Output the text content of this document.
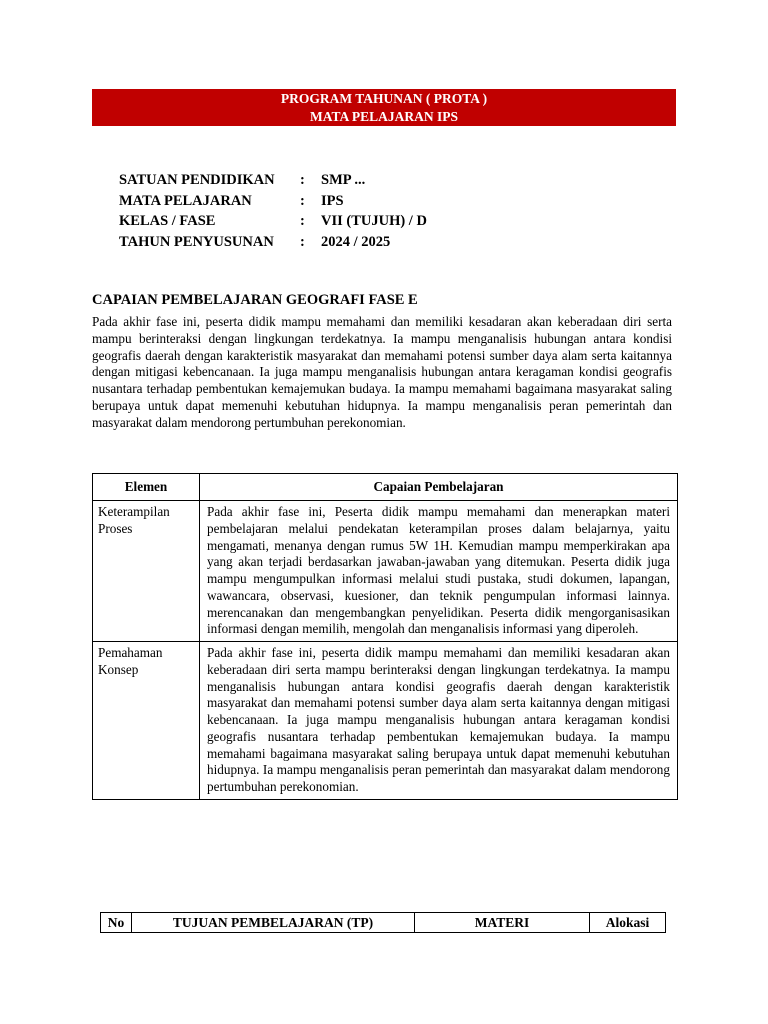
PROGRAM TAHUNAN ( PROTA )
MATA PELAJARAN IPS
SATUAN PENDIDIKAN	:	SMP ...
MATA PELAJARAN	:	IPS
KELAS / FASE	:	VII (TUJUH) / D
TAHUN PENYUSUNAN	:	2024 / 2025
CAPAIAN PEMBELAJARAN GEOGRAFI FASE E
Pada akhir fase ini, peserta didik mampu memahami dan memiliki kesadaran akan keberadaan diri serta mampu berinteraksi dengan lingkungan terdekatnya. Ia mampu menganalisis hubungan antara kondisi geografis daerah dengan karakteristik masyarakat dan memahami potensi sumber daya alam serta kaitannya dengan mitigasi kebencanaan. Ia juga mampu menganalisis hubungan antara keragaman kondisi geografis nusantara terhadap pembentukan kemajemukan budaya. Ia mampu memahami bagaimana masyarakat saling berupaya untuk dapat memenuhi kebutuhan hidupnya. Ia mampu menganalisis peran pemerintah dan masyarakat dalam mendorong pertumbuhan perekonomian.
Elemen	Capaian Pembelajaran
Keterampilan Proses	Pada akhir fase ini, Peserta didik mampu memahami dan menerapkan materi pembelajaran melalui pendekatan keterampilan proses dalam belajarnya, yaitu mengamati, menanya dengan rumus 5W 1H. Kemudian mampu memperkirakan apa yang akan terjadi berdasarkan jawaban-jawaban yang ditemukan. Peserta didik juga mampu mengumpulkan informasi melalui studi pustaka, studi dokumen, lapangan, wawancara, observasi, kuesioner, dan teknik pengumpulan informasi lainnya. merencanakan dan mengembangkan penyelidikan. Peserta didik mengorganisasikan informasi dengan memilih, mengolah dan menganalisis informasi yang diperoleh.
Pemahaman Konsep	Pada akhir fase ini, peserta didik mampu memahami dan memiliki kesadaran akan keberadaan diri serta mampu berinteraksi dengan lingkungan terdekatnya. Ia mampu menganalisis hubungan antara kondisi geografis daerah dengan karakteristik masyarakat dan memahami potensi sumber daya alam serta kaitannya dengan mitigasi kebencanaan. Ia juga mampu menganalisis hubungan antara keragaman kondisi geografis nusantara terhadap pembentukan kemajemukan budaya. Ia mampu memahami bagaimana masyarakat saling berupaya untuk dapat memenuhi kebutuhan hidupnya. Ia mampu menganalisis peran pemerintah dan masyarakat dalam mendorong pertumbuhan perekonomian.
No	TUJUAN PEMBELAJARAN (TP)	MATERI	Alokasi
